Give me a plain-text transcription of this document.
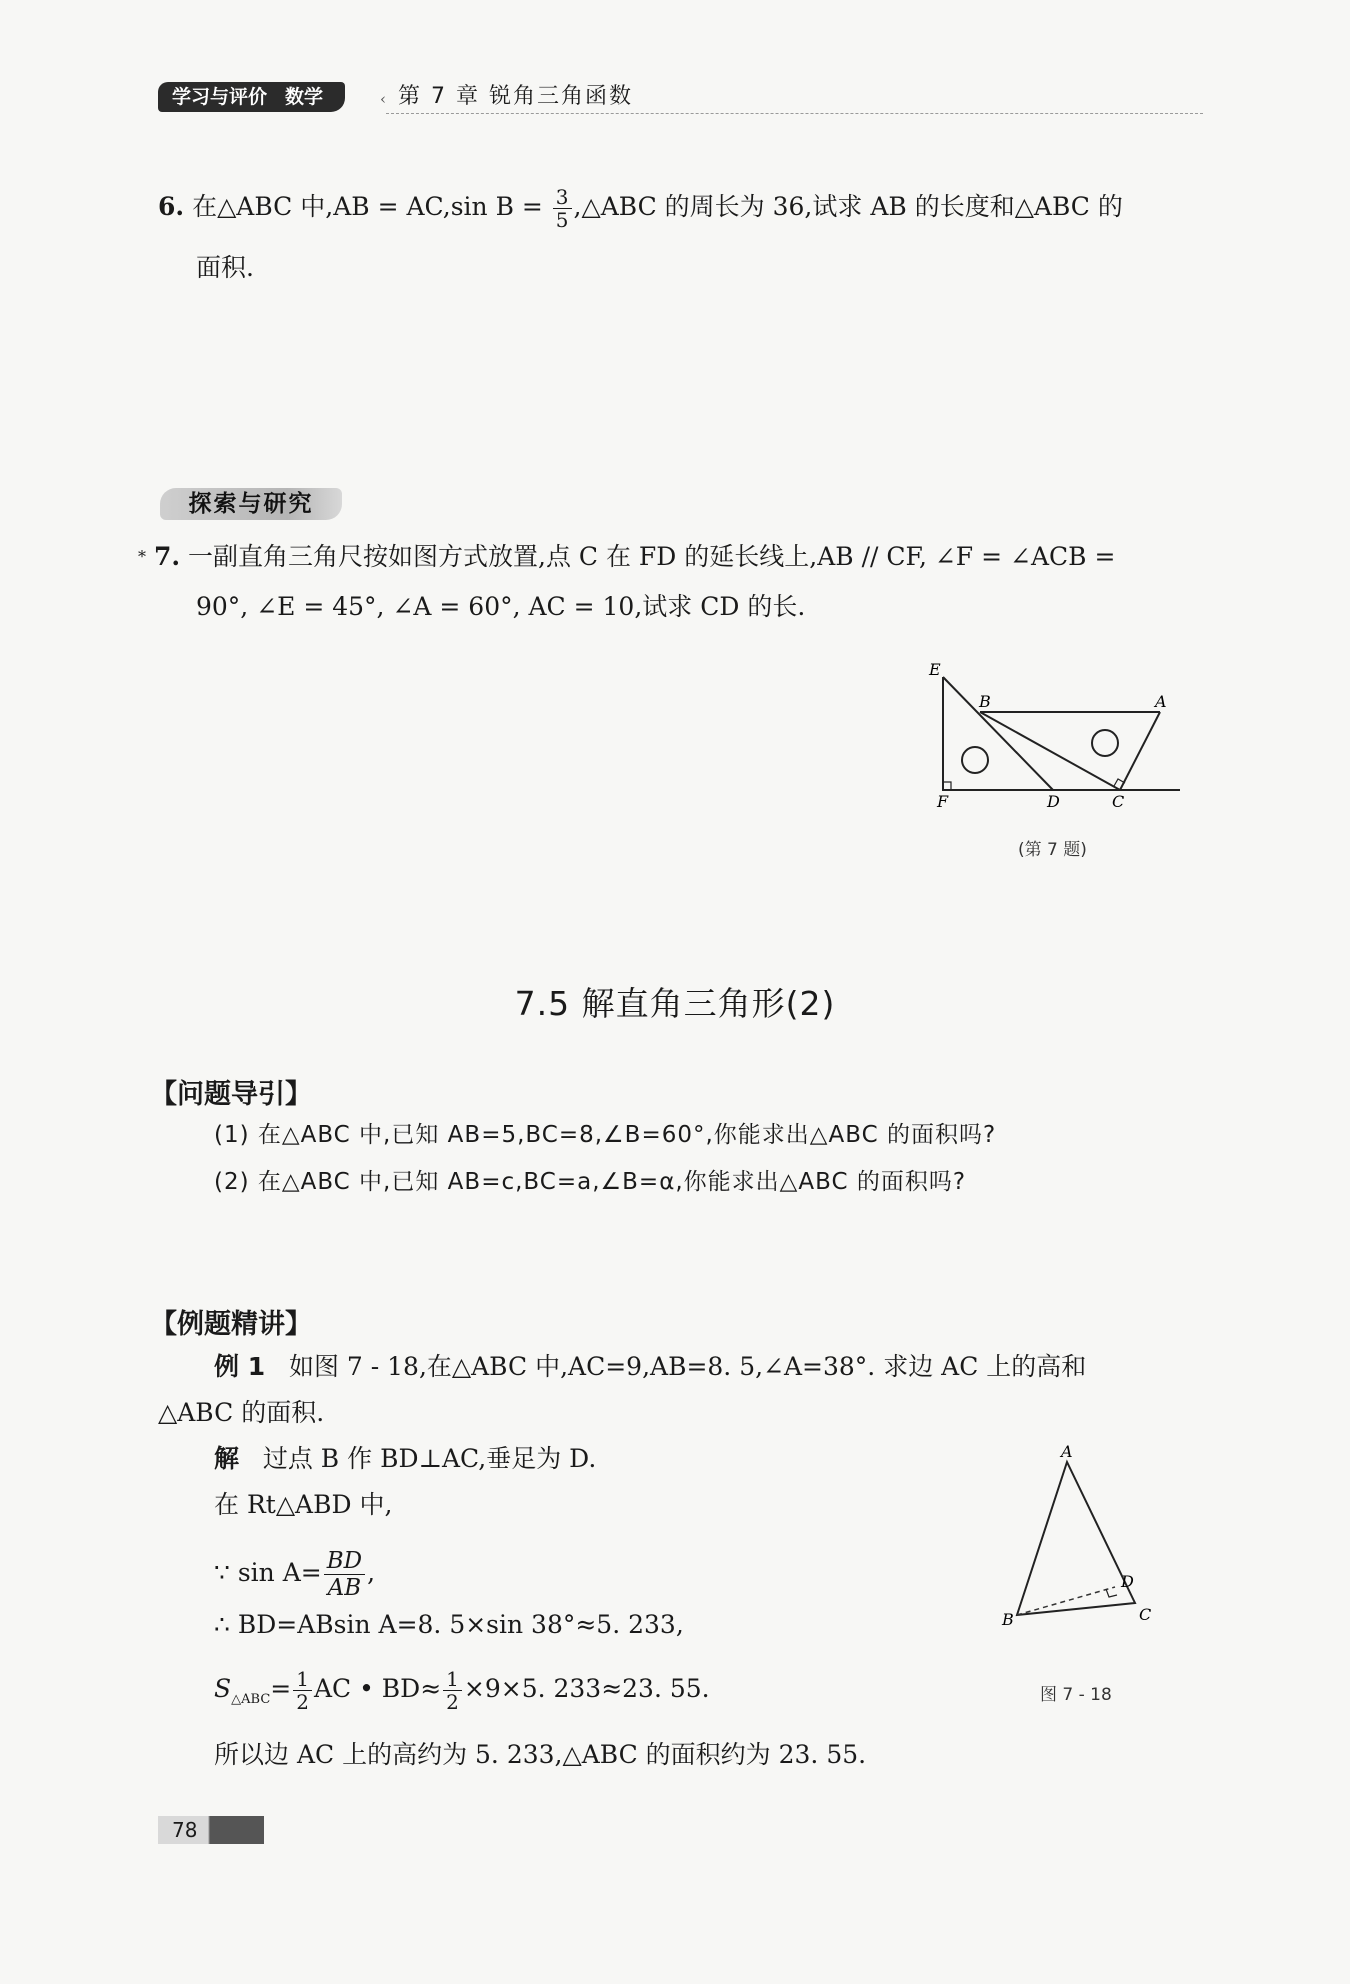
学习与评价 数学	‹ 第 7 章 锐角三角函数
6. 在△ABC 中,AB = AC,sin $B = \frac{3}{5}$ ,△ABC 的周长为 36,试求 AB 的长度和△ABC 的
面积.
探索与研究
* 7. 一副直角三角尺按如图方式放置,点 C 在 FD 的延长线上,AB // CF, ∠F = ∠ACB =
90°, ∠E = 45°, ∠A = 60°, AC = 10,试求 CD 的长.
E
B	A
F	D	C
(第 7 题)
7.5 解直角三角形(2)
【问题导引】
(1) 在△ABC 中,已知 AB=5,BC=8,∠B=60°,你能求出△ABC 的面积吗?
(2) 在△ABC 中,已知 AB=c,BC=a,∠B=α,你能求出△ABC 的面积吗?
【例题精讲】
例 1 如图 7 - 18,在△ABC 中,AC=9,AB=8. 5,∠A=38°. 求边 AC 上的高和
△ABC 的面积.
解 过点 B 作 BD⊥AC,垂足为 D.
在 Rt△ABD 中,
∵ $\sin A= \frac{BD}{AB}$ ,
∴ BD=ABsin A=8. 5×sin 38°≈5. 233,
$S_{\triangle ABC}= \frac{1}{2}$ AC • $BD\approx \frac{1}{2} \times 9\times 5$. 233≈23. 55.
所以边 AC 上的高约为 5. 233,△ABC 的面积约为 23. 55.
A
B	C
D
图 7 - 18
78
